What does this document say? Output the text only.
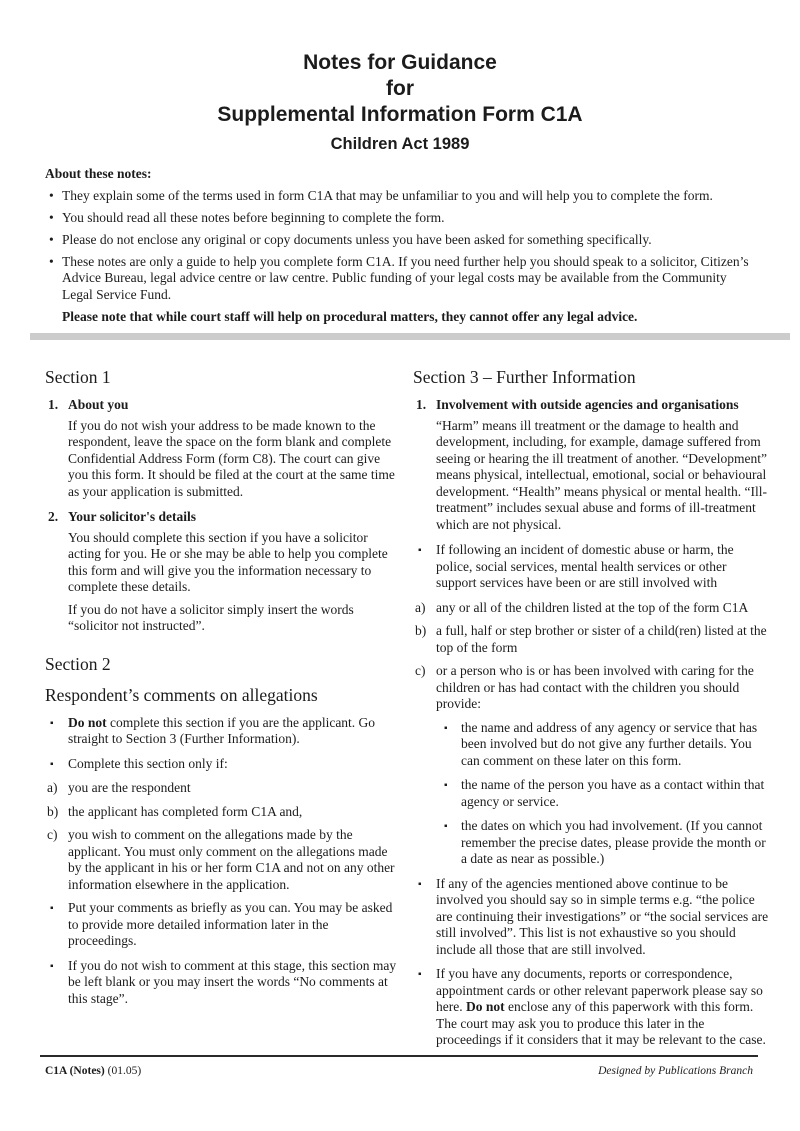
Notes for Guidance
for
Supplemental Information Form C1A
Children Act 1989
About these notes:
• They explain some of the terms used in form C1A that may be unfamiliar to you and will help you to complete the form.
• You should read all these notes before beginning to complete the form.
• Please do not enclose any original or copy documents unless you have been asked for something specifically.
• These notes are only a guide to help you complete form C1A. If you need further help you should speak to a solicitor, Citizen’s Advice Bureau, legal advice centre or law centre. Public funding of your legal costs may be available from the Community Legal Service Fund.
Please note that while court staff will help on procedural matters, they cannot offer any legal advice.
Section 1
1. About you
If you do not wish your address to be made known to the respondent, leave the space on the form blank and complete Confidential Address Form (form C8). The court can give you this form. It should be filed at the court at the same time as your application is submitted.
2. Your solicitor's details
You should complete this section if you have a solicitor acting for you. He or she may be able to help you complete this form and will give you the information necessary to complete these details.
If you do not have a solicitor simply insert the words “solicitor not instructed”.
Section 2
Respondent’s comments on allegations
▪ Do not complete this section if you are the applicant. Go straight to Section 3 (Further Information).
▪ Complete this section only if:
a) you are the respondent
b) the applicant has completed form C1A and,
c) you wish to comment on the allegations made by the applicant. You must only comment on the allegations made by the applicant in his or her form C1A and not on any other information elsewhere in the application.
▪ Put your comments as briefly as you can. You may be asked to provide more detailed information later in the proceedings.
▪ If you do not wish to comment at this stage, this section may be left blank or you may insert the words “No comments at this stage”.
Section 3 – Further Information
1. Involvement with outside agencies and organisations
“Harm” means ill treatment or the damage to health and development, including, for example, damage suffered from seeing or hearing the ill treatment of another. “Development” means physical, intellectual, emotional, social or behavioural development. “Health” means physical or mental health. “Ill-treatment” includes sexual abuse and forms of ill-treatment which are not physical.
▪ If following an incident of domestic abuse or harm, the police, social services, mental health services or other support services have been or are still involved with
a) any or all of the children listed at the top of the form C1A
b) a full, half or step brother or sister of a child(ren) listed at the top of the form
c) or a person who is or has been involved with caring for the children or has had contact with the children you should provide:
▪ the name and address of any agency or service that has been involved but do not give any further details. You can comment on these later on this form.
▪ the name of the person you have as a contact within that agency or service.
▪ the dates on which you had involvement. (If you cannot remember the precise dates, please provide the month or a date as near as possible.)
▪ If any of the agencies mentioned above continue to be involved you should say so in simple terms e.g. “the police are continuing their investigations” or “the social services are still involved”. This list is not exhaustive so you should include all those that are still involved.
▪ If you have any documents, reports or correspondence, appointment cards or other relevant paperwork please say so here. Do not enclose any of this paperwork with this form. The court may ask you to produce this later in the proceedings if it considers that it may be relevant to the case.
C1A (Notes) (01.05)	Designed by Publications Branch
